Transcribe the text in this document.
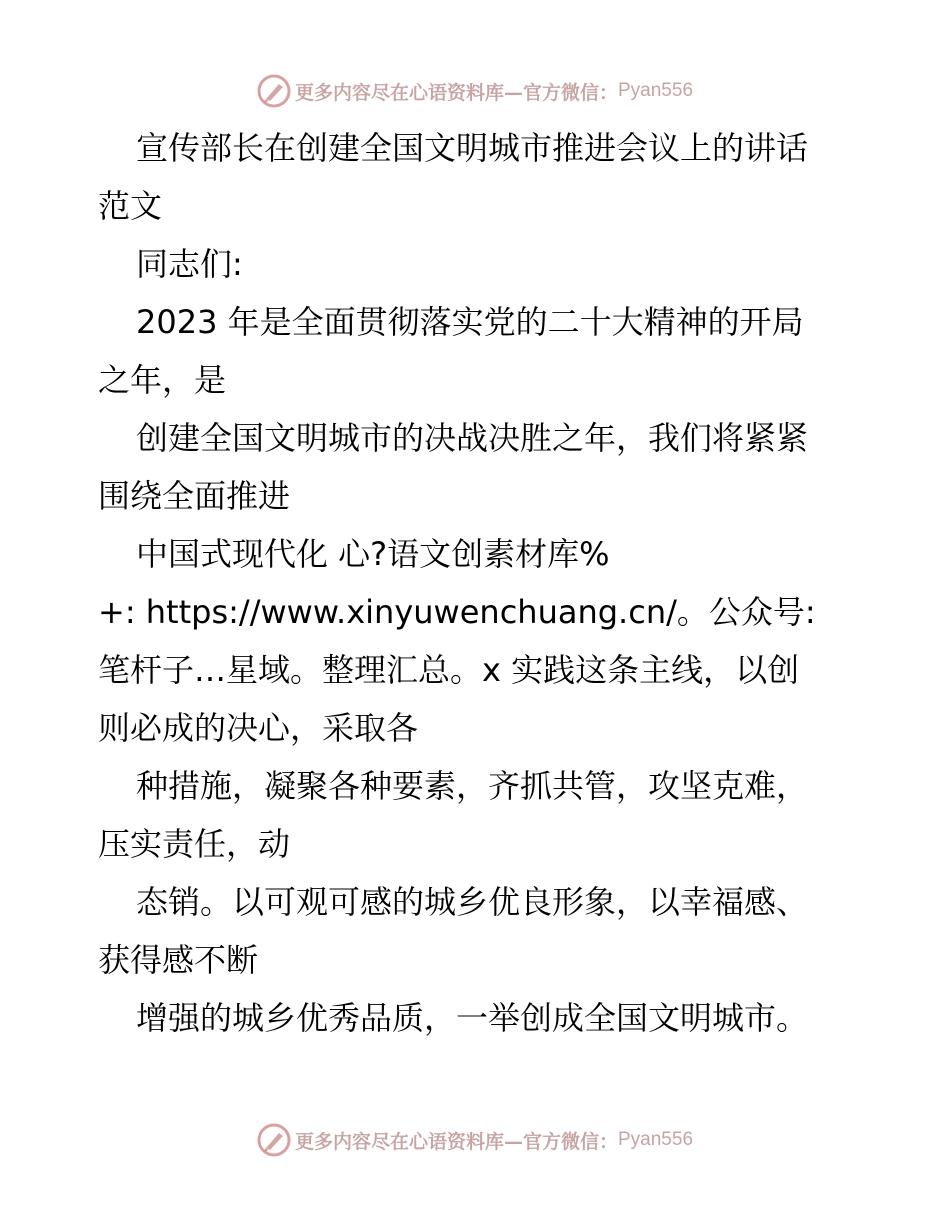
更多内容尽在心语资料库—官方微信： Pyan556
宣传部长在创建全国文明城市推进会议上的讲话
范文
同志们:
2023 年是全面贯彻落实党的二十大精神的开局
之年，是
创建全国文明城市的决战决胜之年，我们将紧紧
围绕全面推进
中国式现代化 心?语文创素材库%
+: https://www.xinyuwenchuang.cn/。公众号:
笔杆子…星域。整理汇总。x 实践这条主线，以创
则必成的决心，采取各
种措施，凝聚各种要素，齐抓共管，攻坚克难，
压实责任，动
态销。以可观可感的城乡优良形象，以幸福感、
获得感不断
增强的城乡优秀品质，一举创成全国文明城市。
更多内容尽在心语资料库—官方微信： Pyan556
